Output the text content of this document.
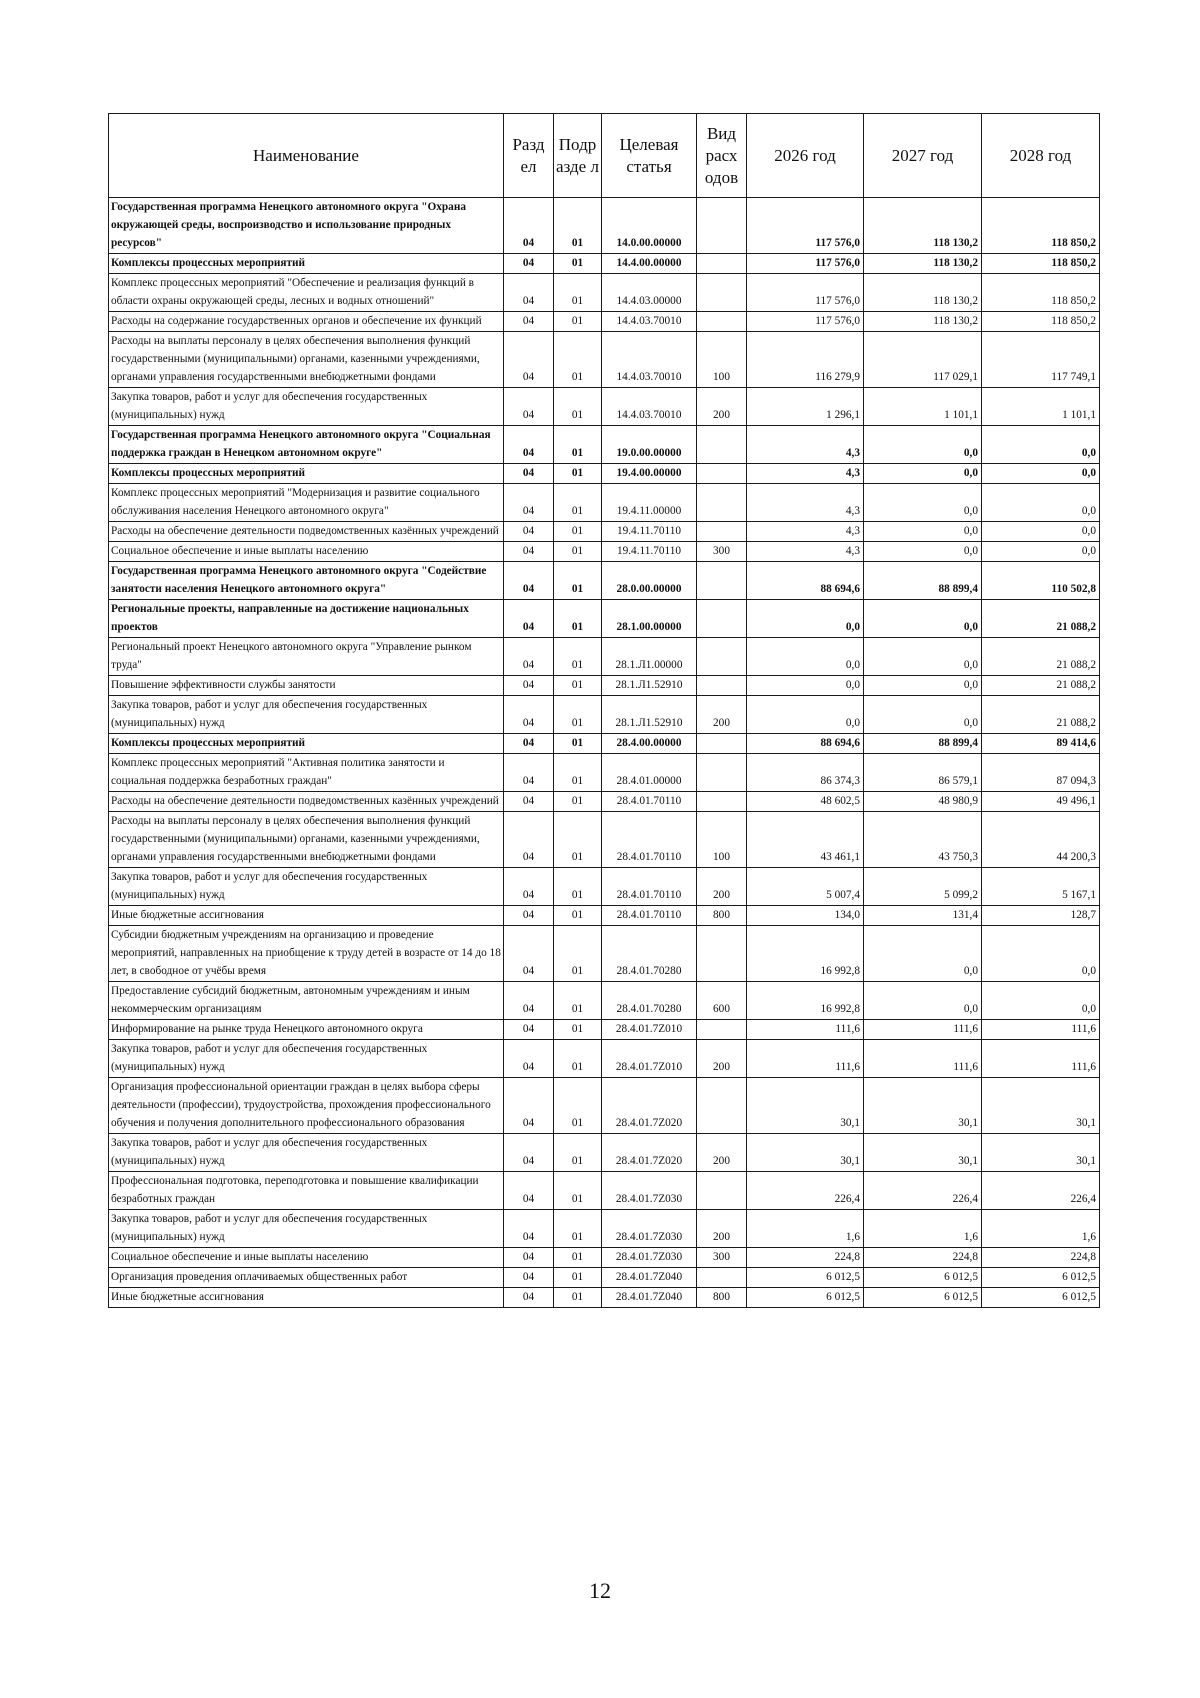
Наименование	Разд ел	Подр азде л	Целевая статья	Вид расх одов	2026 год	2027 год	2028 год
Государственная программа Ненецкого автономного округа "Охрана окружающей среды, воспроизводство и использование природных ресурсов"	04	01	14.0.00.00000		117 576,0	118 130,2	118 850,2
Комплексы процессных мероприятий	04	01	14.4.00.00000		117 576,0	118 130,2	118 850,2
Комплекс процессных мероприятий "Обеспечение и реализация функций в области охраны окружающей среды, лесных и водных отношений"	04	01	14.4.03.00000		117 576,0	118 130,2	118 850,2
Расходы на содержание государственных органов и обеспечение их функций	04	01	14.4.03.70010		117 576,0	118 130,2	118 850,2
Расходы на выплаты персоналу в целях обеспечения выполнения функций государственными (муниципальными) органами, казенными учреждениями, органами управления государственными внебюджетными фондами	04	01	14.4.03.70010	100	116 279,9	117 029,1	117 749,1
Закупка товаров, работ и услуг для обеспечения государственных (муниципальных) нужд	04	01	14.4.03.70010	200	1 296,1	1 101,1	1 101,1
Государственная программа Ненецкого автономного округа "Социальная поддержка граждан в Ненецком автономном округе"	04	01	19.0.00.00000		4,3	0,0	0,0
Комплексы процессных мероприятий	04	01	19.4.00.00000		4,3	0,0	0,0
Комплекс процессных мероприятий "Модернизация и развитие социального обслуживания населения Ненецкого автономного округа"	04	01	19.4.11.00000		4,3	0,0	0,0
Расходы на обеспечение деятельности подведомственных казённых учреждений	04	01	19.4.11.70110		4,3	0,0	0,0
Социальное обеспечение и иные выплаты населению	04	01	19.4.11.70110	300	4,3	0,0	0,0
Государственная программа Ненецкого автономного округа "Содействие занятости населения Ненецкого автономного округа"	04	01	28.0.00.00000		88 694,6	88 899,4	110 502,8
Региональные проекты, направленные на достижение национальных проектов	04	01	28.1.00.00000		0,0	0,0	21 088,2
Региональный проект Ненецкого автономного округа "Управление рынком труда"	04	01	28.1.Л1.00000		0,0	0,0	21 088,2
Повышение эффективности службы занятости	04	01	28.1.Л1.52910		0,0	0,0	21 088,2
Закупка товаров, работ и услуг для обеспечения государственных (муниципальных) нужд	04	01	28.1.Л1.52910	200	0,0	0,0	21 088,2
Комплексы процессных мероприятий	04	01	28.4.00.00000		88 694,6	88 899,4	89 414,6
Комплекс процессных мероприятий "Активная политика занятости и социальная поддержка безработных граждан"	04	01	28.4.01.00000		86 374,3	86 579,1	87 094,3
Расходы на обеспечение деятельности подведомственных казённых учреждений	04	01	28.4.01.70110		48 602,5	48 980,9	49 496,1
Расходы на выплаты персоналу в целях обеспечения выполнения функций государственными (муниципальными) органами, казенными учреждениями, органами управления государственными внебюджетными фондами	04	01	28.4.01.70110	100	43 461,1	43 750,3	44 200,3
Закупка товаров, работ и услуг для обеспечения государственных (муниципальных) нужд	04	01	28.4.01.70110	200	5 007,4	5 099,2	5 167,1
Иные бюджетные ассигнования	04	01	28.4.01.70110	800	134,0	131,4	128,7
Субсидии бюджетным учреждениям на организацию и проведение мероприятий, направленных на приобщение к труду детей в возрасте от 14 до 18 лет, в свободное от учёбы время	04	01	28.4.01.70280		16 992,8	0,0	0,0
Предоставление субсидий бюджетным, автономным учреждениям и иным некоммерческим организациям	04	01	28.4.01.70280	600	16 992,8	0,0	0,0
Информирование на рынке труда Ненецкого автономного округа	04	01	28.4.01.7Z010		111,6	111,6	111,6
Закупка товаров, работ и услуг для обеспечения государственных (муниципальных) нужд	04	01	28.4.01.7Z010	200	111,6	111,6	111,6
Организация профессиональной ориентации граждан в целях выбора сферы деятельности (профессии), трудоустройства, прохождения профессионального обучения и получения дополнительного профессионального образования	04	01	28.4.01.7Z020		30,1	30,1	30,1
Закупка товаров, работ и услуг для обеспечения государственных (муниципальных) нужд	04	01	28.4.01.7Z020	200	30,1	30,1	30,1
Профессиональная подготовка, переподготовка и повышение квалификации безработных граждан	04	01	28.4.01.7Z030		226,4	226,4	226,4
Закупка товаров, работ и услуг для обеспечения государственных (муниципальных) нужд	04	01	28.4.01.7Z030	200	1,6	1,6	1,6
Социальное обеспечение и иные выплаты населению	04	01	28.4.01.7Z030	300	224,8	224,8	224,8
Организация проведения оплачиваемых общественных работ	04	01	28.4.01.7Z040		6 012,5	6 012,5	6 012,5
Иные бюджетные ассигнования	04	01	28.4.01.7Z040	800	6 012,5	6 012,5	6 012,5
12
